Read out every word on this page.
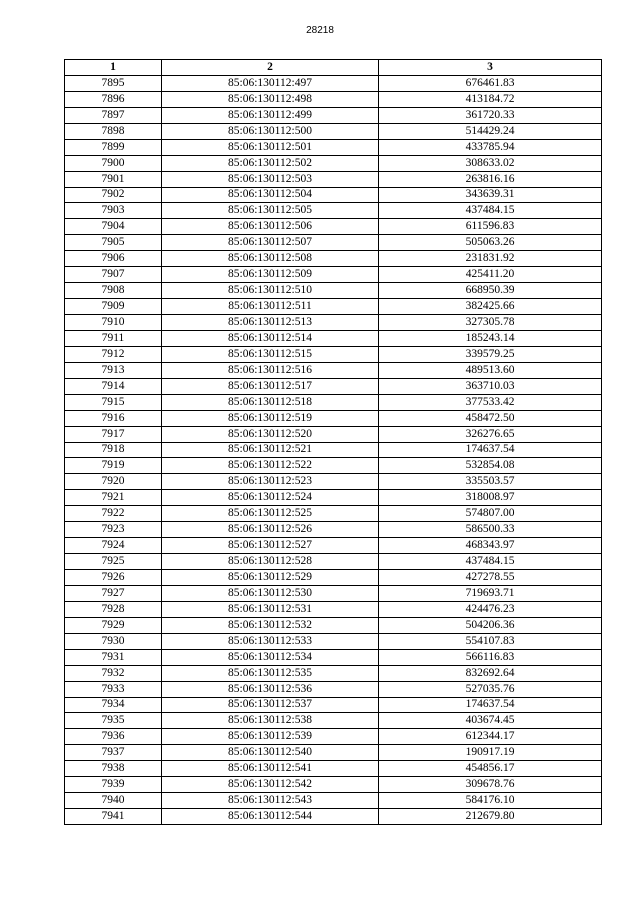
28218
1	2	3
7895	85:06:130112:497	676461.83
7896	85:06:130112:498	413184.72
7897	85:06:130112:499	361720.33
7898	85:06:130112:500	514429.24
7899	85:06:130112:501	433785.94
7900	85:06:130112:502	308633.02
7901	85:06:130112:503	263816.16
7902	85:06:130112:504	343639.31
7903	85:06:130112:505	437484.15
7904	85:06:130112:506	611596.83
7905	85:06:130112:507	505063.26
7906	85:06:130112:508	231831.92
7907	85:06:130112:509	425411.20
7908	85:06:130112:510	668950.39
7909	85:06:130112:511	382425.66
7910	85:06:130112:513	327305.78
7911	85:06:130112:514	185243.14
7912	85:06:130112:515	339579.25
7913	85:06:130112:516	489513.60
7914	85:06:130112:517	363710.03
7915	85:06:130112:518	377533.42
7916	85:06:130112:519	458472.50
7917	85:06:130112:520	326276.65
7918	85:06:130112:521	174637.54
7919	85:06:130112:522	532854.08
7920	85:06:130112:523	335503.57
7921	85:06:130112:524	318008.97
7922	85:06:130112:525	574807.00
7923	85:06:130112:526	586500.33
7924	85:06:130112:527	468343.97
7925	85:06:130112:528	437484.15
7926	85:06:130112:529	427278.55
7927	85:06:130112:530	719693.71
7928	85:06:130112:531	424476.23
7929	85:06:130112:532	504206.36
7930	85:06:130112:533	554107.83
7931	85:06:130112:534	566116.83
7932	85:06:130112:535	832692.64
7933	85:06:130112:536	527035.76
7934	85:06:130112:537	174637.54
7935	85:06:130112:538	403674.45
7936	85:06:130112:539	612344.17
7937	85:06:130112:540	190917.19
7938	85:06:130112:541	454856.17
7939	85:06:130112:542	309678.76
7940	85:06:130112:543	584176.10
7941	85:06:130112:544	212679.80
